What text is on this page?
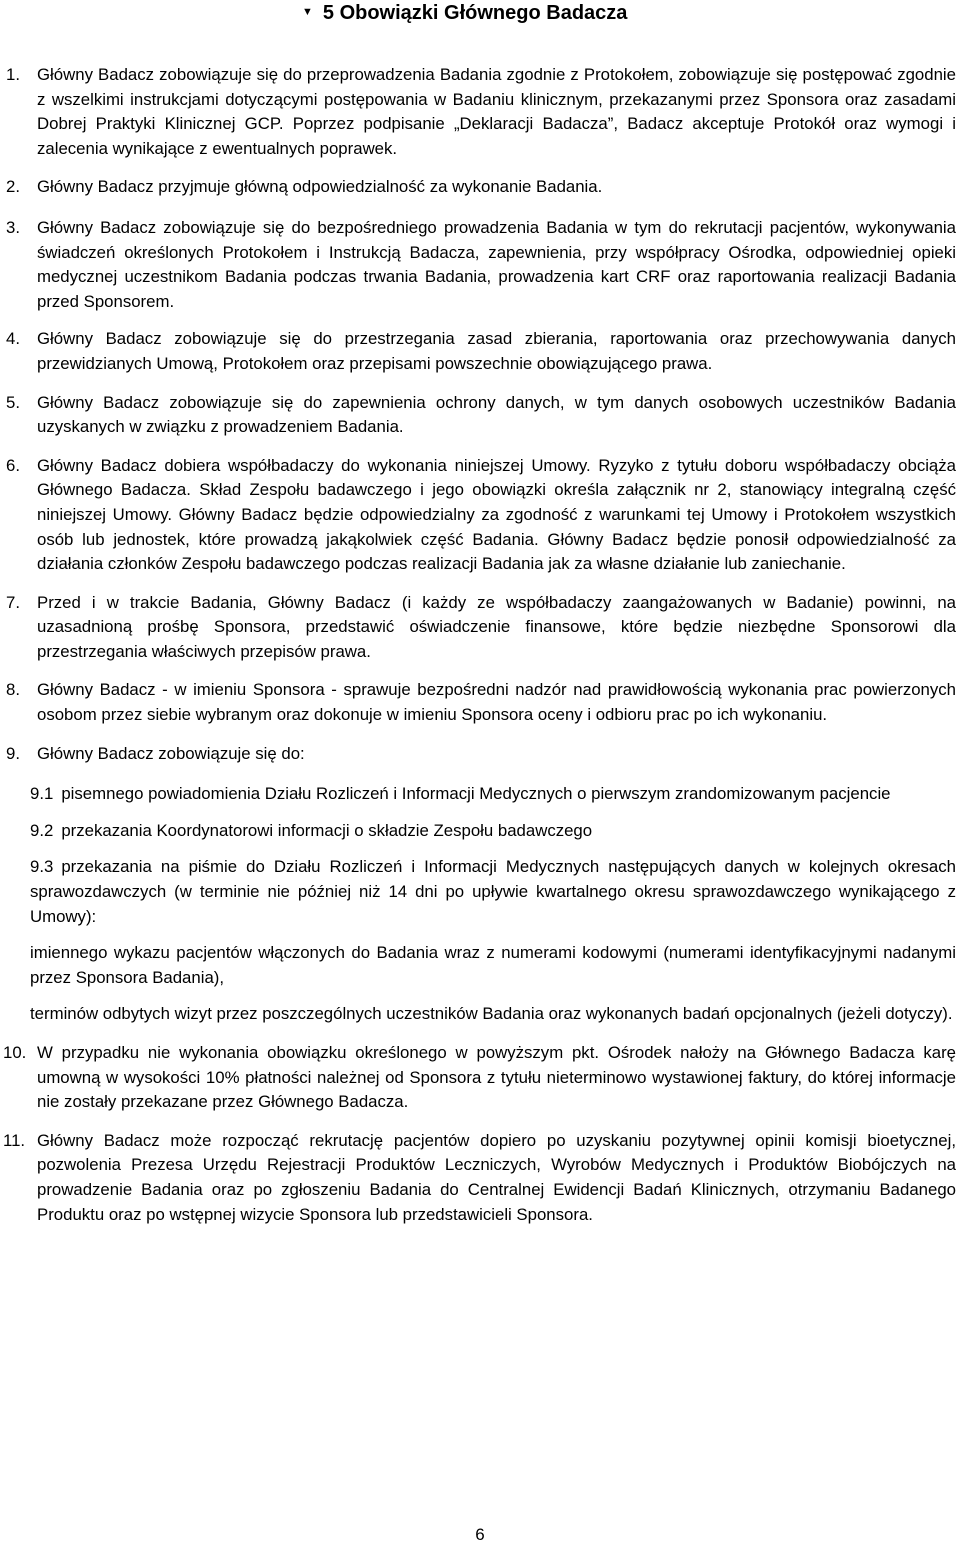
▼ 5 Obowiązki Głównego Badacza
1. Główny Badacz zobowiązuje się do przeprowadzenia Badania zgodnie z Protokołem, zobowiązuje się postępować zgodnie z wszelkimi instrukcjami dotyczącymi postępowania w Badaniu klinicznym, przekazanymi przez Sponsora oraz zasadami Dobrej Praktyki Klinicznej GCP. Poprzez podpisanie „Deklaracji Badacza”, Badacz akceptuje Protokół oraz wymogi i zalecenia wynikające z ewentualnych poprawek.
2. Główny Badacz przyjmuje główną odpowiedzialność za wykonanie Badania.
3. Główny Badacz zobowiązuje się do bezpośredniego prowadzenia Badania w tym do rekrutacji pacjentów, wykonywania świadczeń określonych Protokołem i Instrukcją Badacza, zapewnienia, przy współpracy Ośrodka, odpowiedniej opieki medycznej uczestnikom Badania podczas trwania Badania, prowadzenia kart CRF oraz raportowania realizacji Badania przed Sponsorem.
4. Główny Badacz zobowiązuje się do przestrzegania zasad zbierania, raportowania oraz przechowywania danych przewidzianych Umową, Protokołem oraz przepisami powszechnie obowiązującego prawa.
5. Główny Badacz zobowiązuje się do zapewnienia ochrony danych, w tym danych osobowych uczestników Badania uzyskanych w związku z prowadzeniem Badania.
6. Główny Badacz dobiera współbadaczy do wykonania niniejszej Umowy. Ryzyko z tytułu doboru współbadaczy obciąża Głównego Badacza. Skład Zespołu badawczego i jego obowiązki określa załącznik nr 2, stanowiący integralną część niniejszej Umowy. Główny Badacz będzie odpowiedzialny za zgodność z warunkami tej Umowy i Protokołem wszystkich osób lub jednostek, które prowadzą jakąkolwiek część Badania. Główny Badacz będzie ponosił odpowiedzialność za działania członków Zespołu badawczego podczas realizacji Badania jak za własne działanie lub zaniechanie.
7. Przed i w trakcie Badania, Główny Badacz (i każdy ze współbadaczy zaangażowanych w Badanie) powinni, na uzasadnioną prośbę Sponsora, przedstawić oświadczenie finansowe, które będzie niezbędne Sponsorowi dla przestrzegania właściwych przepisów prawa.
8. Główny Badacz - w imieniu Sponsora - sprawuje bezpośredni nadzór nad prawidłowością wykonania prac powierzonych osobom przez siebie wybranym oraz dokonuje w imieniu Sponsora oceny i odbioru prac po ich wykonaniu.
9. Główny Badacz zobowiązuje się do:
9.1 pisemnego powiadomienia Działu Rozliczeń i Informacji Medycznych o pierwszym zrandomizowanym pacjencie
9.2 przekazania Koordynatorowi informacji o składzie Zespołu badawczego
9.3 przekazania na piśmie do Działu Rozliczeń i Informacji Medycznych następujących danych w kolejnych okresach sprawozdawczych (w terminie nie później niż 14 dni po upływie kwartalnego okresu sprawozdawczego wynikającego z Umowy):
imiennego wykazu pacjentów włączonych do Badania wraz z numerami kodowymi (numerami identyfikacyjnymi nadanymi przez Sponsora Badania),
terminów odbytych wizyt przez poszczególnych uczestników Badania oraz wykonanych badań opcjonalnych (jeżeli dotyczy).
10. W przypadku nie wykonania obowiązku określonego w powyższym pkt. Ośrodek nałoży na Głównego Badacza karę umowną w wysokości 10% płatności należnej od Sponsora z tytułu nieterminowo wystawionej faktury, do której informacje nie zostały przekazane przez Głównego Badacza.
11. Główny Badacz może rozpocząć rekrutację pacjentów dopiero po uzyskaniu pozytywnej opinii komisji bioetycznej, pozwolenia Prezesa Urzędu Rejestracji Produktów Leczniczych, Wyrobów Medycznych i Produktów Biobójczych na prowadzenie Badania oraz po zgłoszeniu Badania do Centralnej Ewidencji Badań Klinicznych, otrzymaniu Badanego Produktu oraz po wstępnej wizycie Sponsora lub przedstawicieli Sponsora.
6
